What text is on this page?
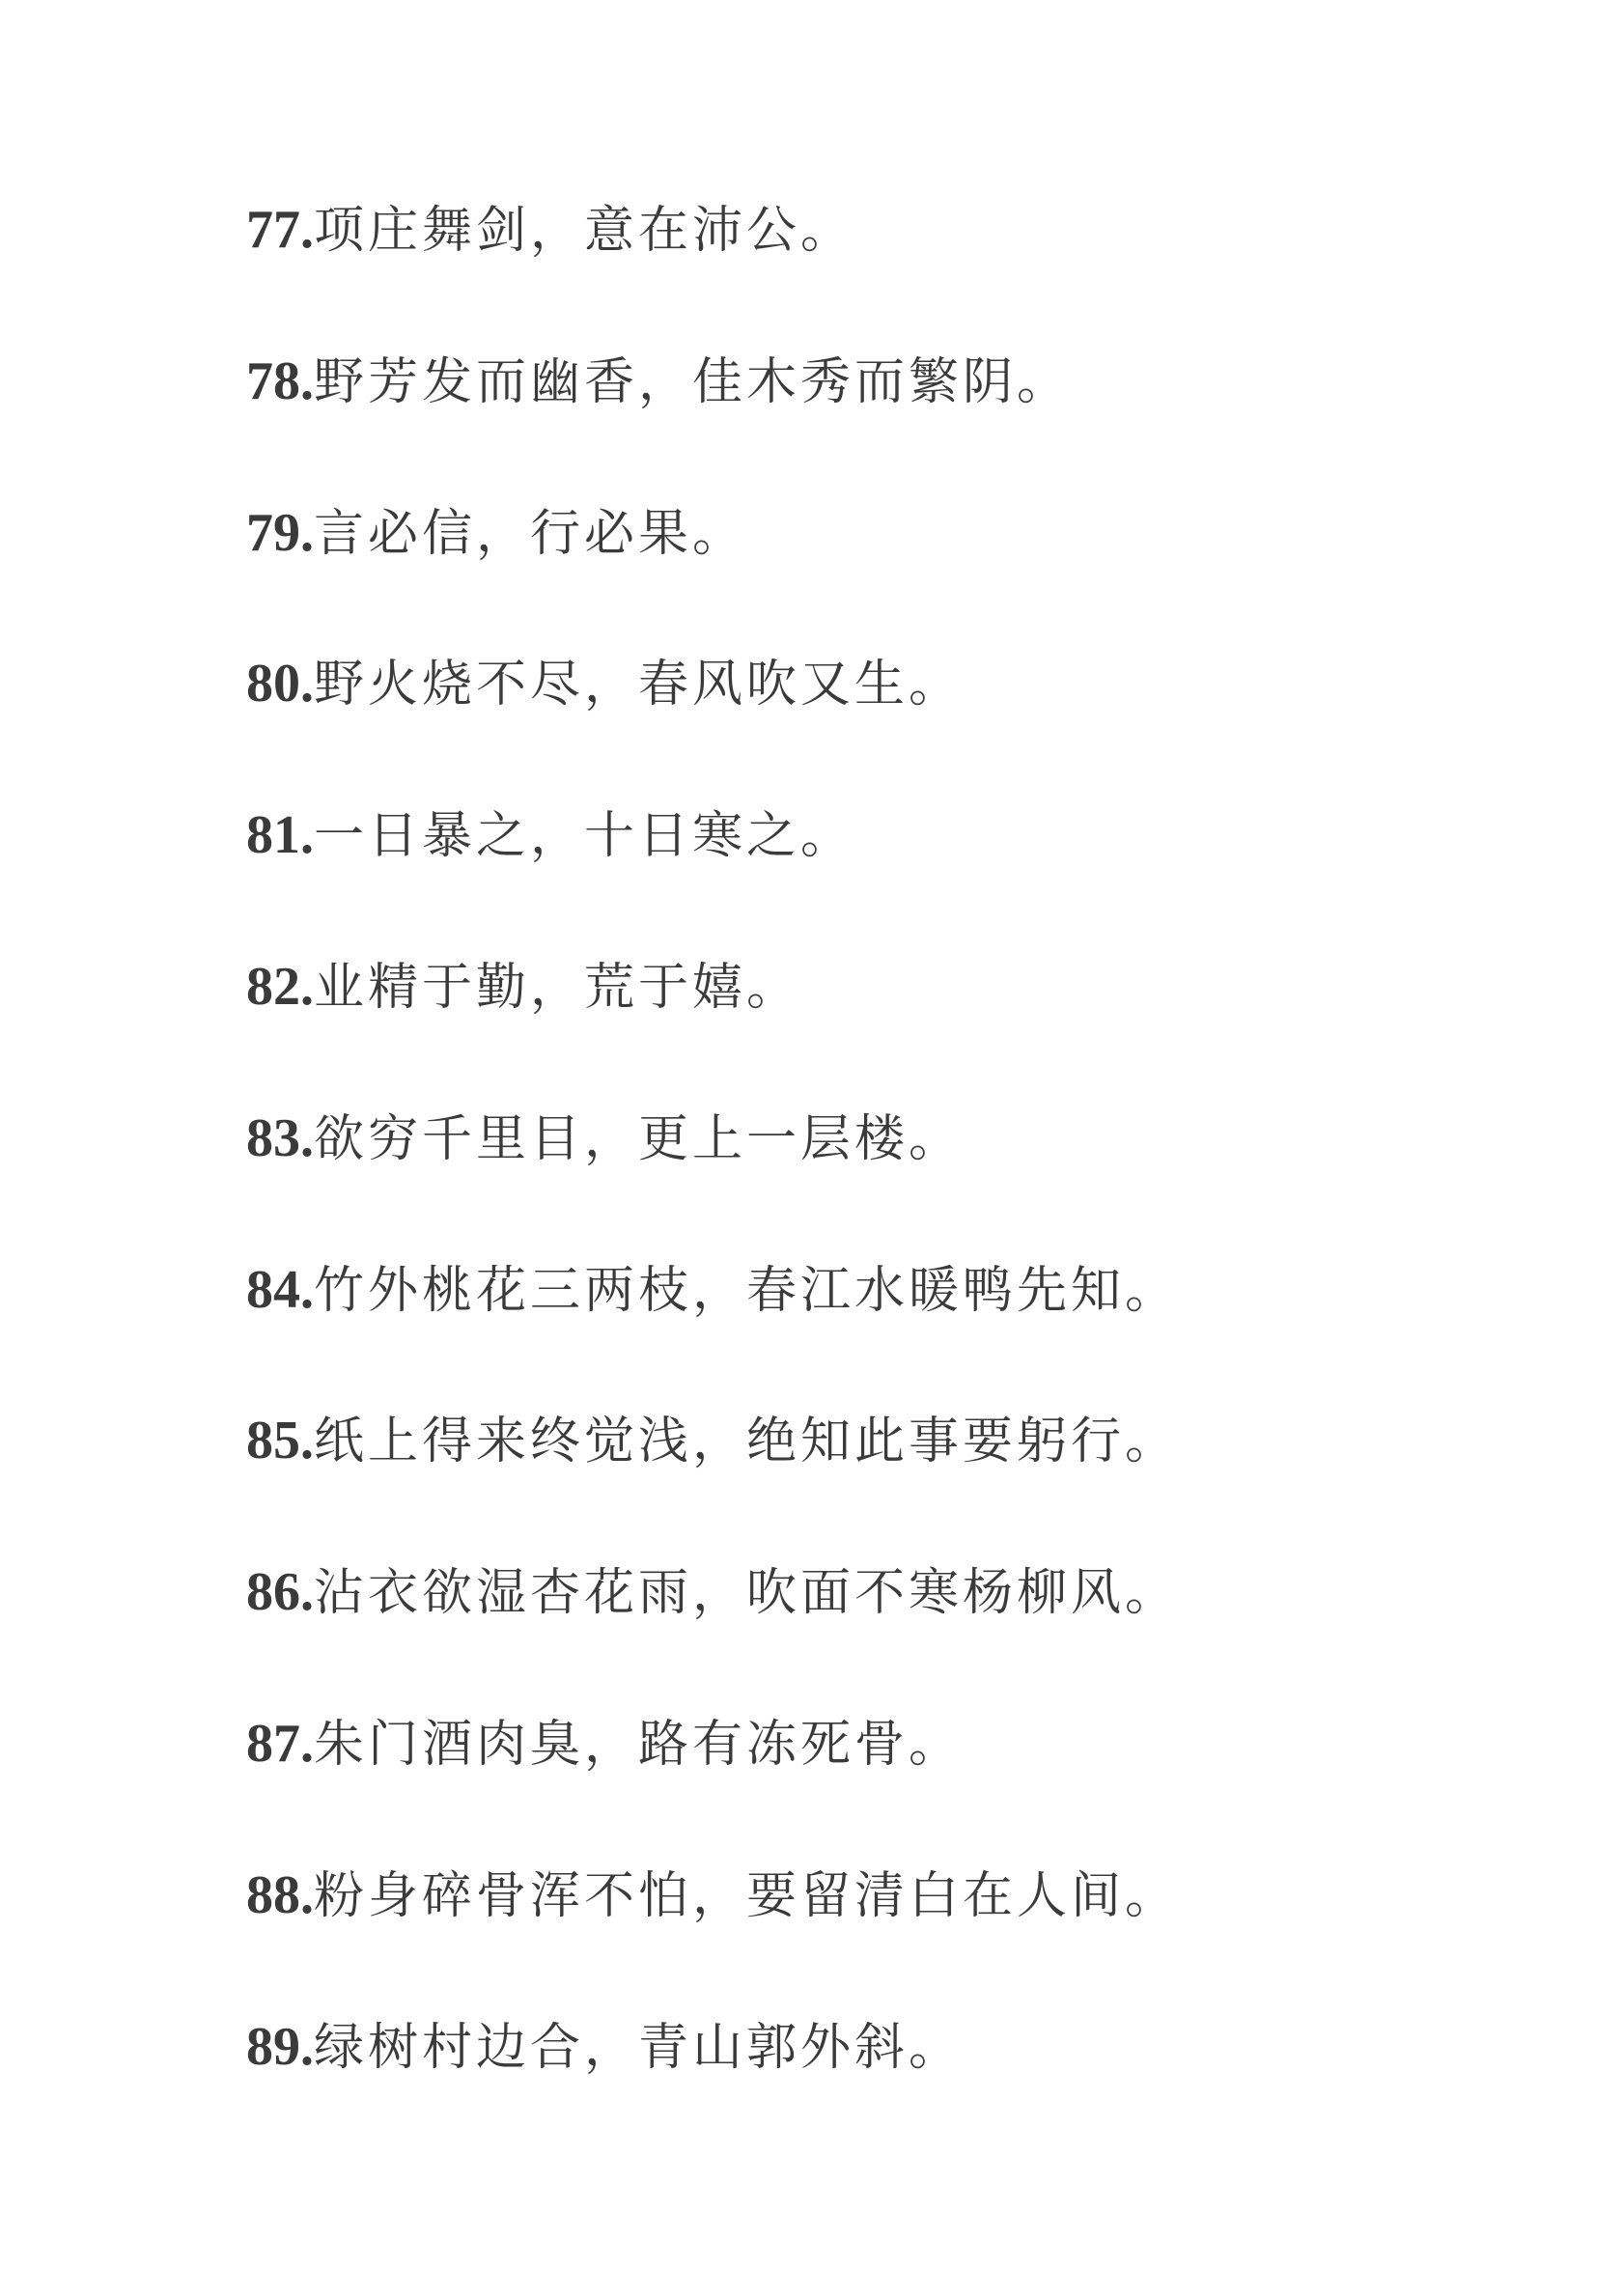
77.项庄舞剑，意在沛公。
78.野芳发而幽香，佳木秀而繁阴。
79.言必信，行必果。
80.野火烧不尽，春风吹又生。
81.一日暴之，十日寒之。
82.业精于勤，荒于嬉。
83.欲穷千里目，更上一层楼。
84.竹外桃花三两枝，春江水暖鸭先知。
85.纸上得来终觉浅，绝知此事要躬行。
86.沾衣欲湿杏花雨，吹面不寒杨柳风。
87.朱门酒肉臭，路有冻死骨。
88.粉身碎骨浑不怕，要留清白在人间。
89.绿树村边合，青山郭外斜。
